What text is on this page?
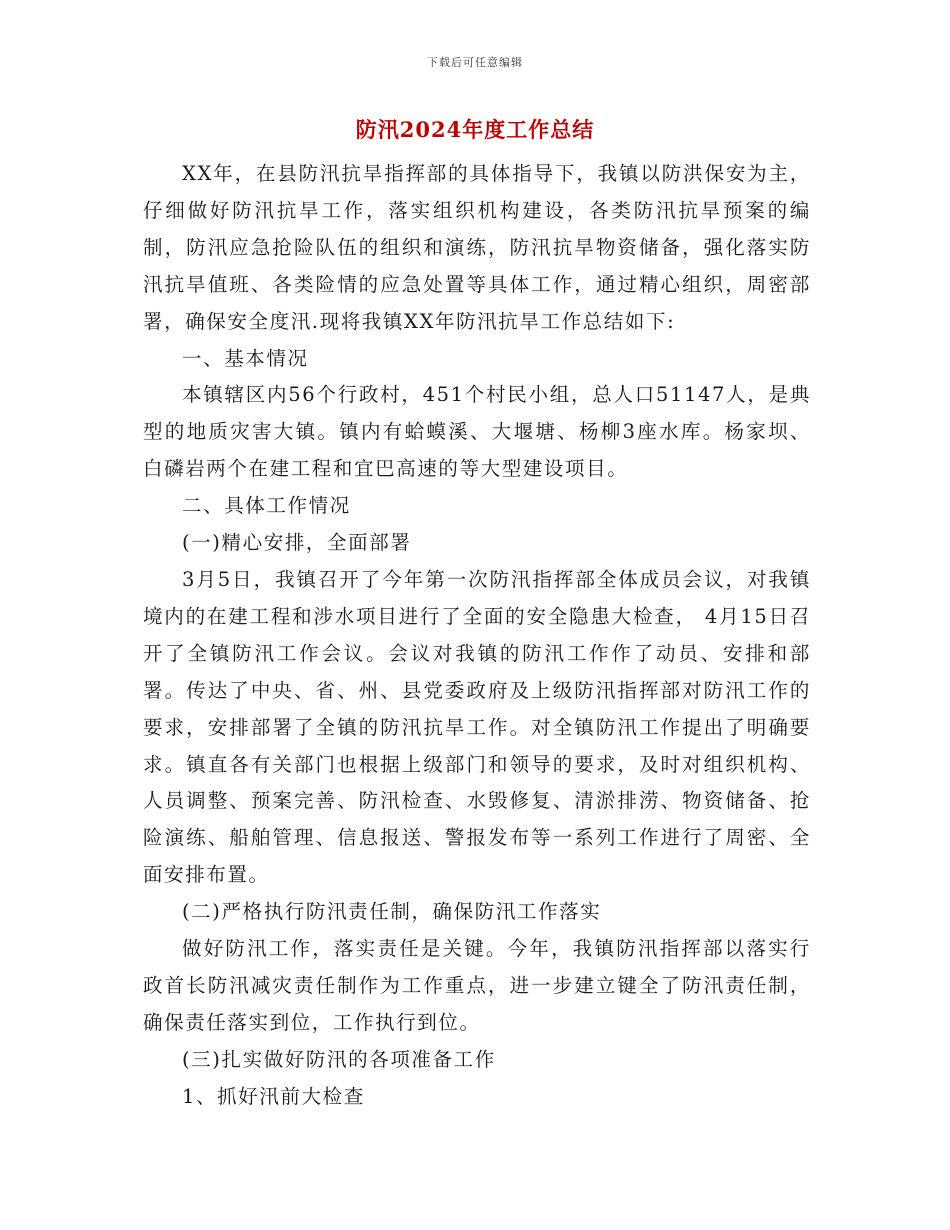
下载后可任意编辑
防汛2024年度工作总结

XX年，在县防汛抗旱指挥部的具体指导下，我镇以防洪保安为主，仔细做好防汛抗旱工作，落实组织机构建设，各类防汛抗旱预案的编制，防汛应急抢险队伍的组织和演练，防汛抗旱物资储备，强化落实防汛抗旱值班、各类险情的应急处置等具体工作，通过精心组织，周密部署，确保安全度汛.现将我镇XX年防汛抗旱工作总结如下:

一、基本情况

本镇辖区内56个行政村，451个村民小组，总人口51147人，是典型的地质灾害大镇。镇内有蛤蟆溪、大堰塘、杨柳3座水库。杨家坝、白磷岩两个在建工程和宜巴高速的等大型建设项目。

二、具体工作情况

(一)精心安排，全面部署

3月5日，我镇召开了今年第一次防汛指挥部全体成员会议，对我镇境内的在建工程和涉水项目进行了全面的安全隐患大检查， 4月15日召开了全镇防汛工作会议。会议对我镇的防汛工作作了动员、安排和部署。传达了中央、省、州、县党委政府及上级防汛指挥部对防汛工作的要求，安排部署了全镇的防汛抗旱工作。对全镇防汛工作提出了明确要求。镇直各有关部门也根据上级部门和领导的要求，及时对组织机构、人员调整、预案完善、防汛检查、水毁修复、清淤排涝、物资储备、抢险演练、船舶管理、信息报送、警报发布等一系列工作进行了周密、全面安排布置。

(二)严格执行防汛责任制，确保防汛工作落实

做好防汛工作，落实责任是关键。今年，我镇防汛指挥部以落实行政首长防汛减灾责任制作为工作重点，进一步建立键全了防汛责任制，确保责任落实到位，工作执行到位。

(三)扎实做好防汛的各项准备工作

1、抓好汛前大检查
